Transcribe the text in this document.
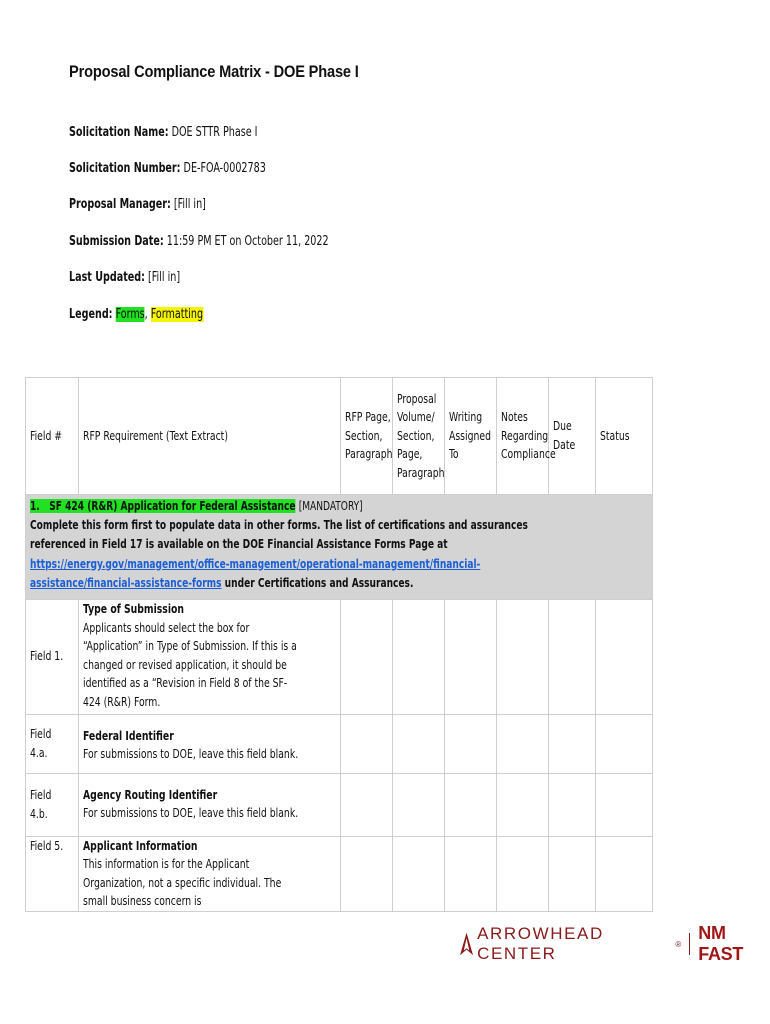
Proposal Compliance Matrix - DOE Phase I
Solicitation Name: DOE STTR Phase I
Solicitation Number: DE-FOA-0002783
Proposal Manager: [Fill in]
Submission Date: 11:59 PM ET on October 11, 2022
Last Updated: [Fill in]
Legend: Forms, Formatting
Field #	RFP Requirement (Text Extract)	RFP Page, Section, Paragraph	Proposal Volume/ Section, Page, Paragraph	Writing Assigned To	Notes Regarding Compliance	Due Date	Status
1. SF 424 (R&R) Application for Federal Assistance [MANDATORY]
Complete this form first to populate data in other forms. The list of certifications and assurances referenced in Field 17 is available on the DOE Financial Assistance Forms Page at https://energy.gov/management/office-management/operational-management/financial-assistance/financial-assistance-forms under Certifications and Assurances.							
Field 1.	Type of Submission
Applicants should select the box for “Application” in Type of Submission. If this is a changed or revised application, it should be identified as a “Revision in Field 8 of the SF-424 (R&R) Form.						
Field 4.a.	Federal Identifier
For submissions to DOE, leave this field blank.						
Field 4.b.	Agency Routing Identifier
For submissions to DOE, leave this field blank.						
Field 5.	Applicant Information
This information is for the Applicant Organization, not a specific individual. The small business concern is						
ARROWHEAD CENTER	®
NM FAST
